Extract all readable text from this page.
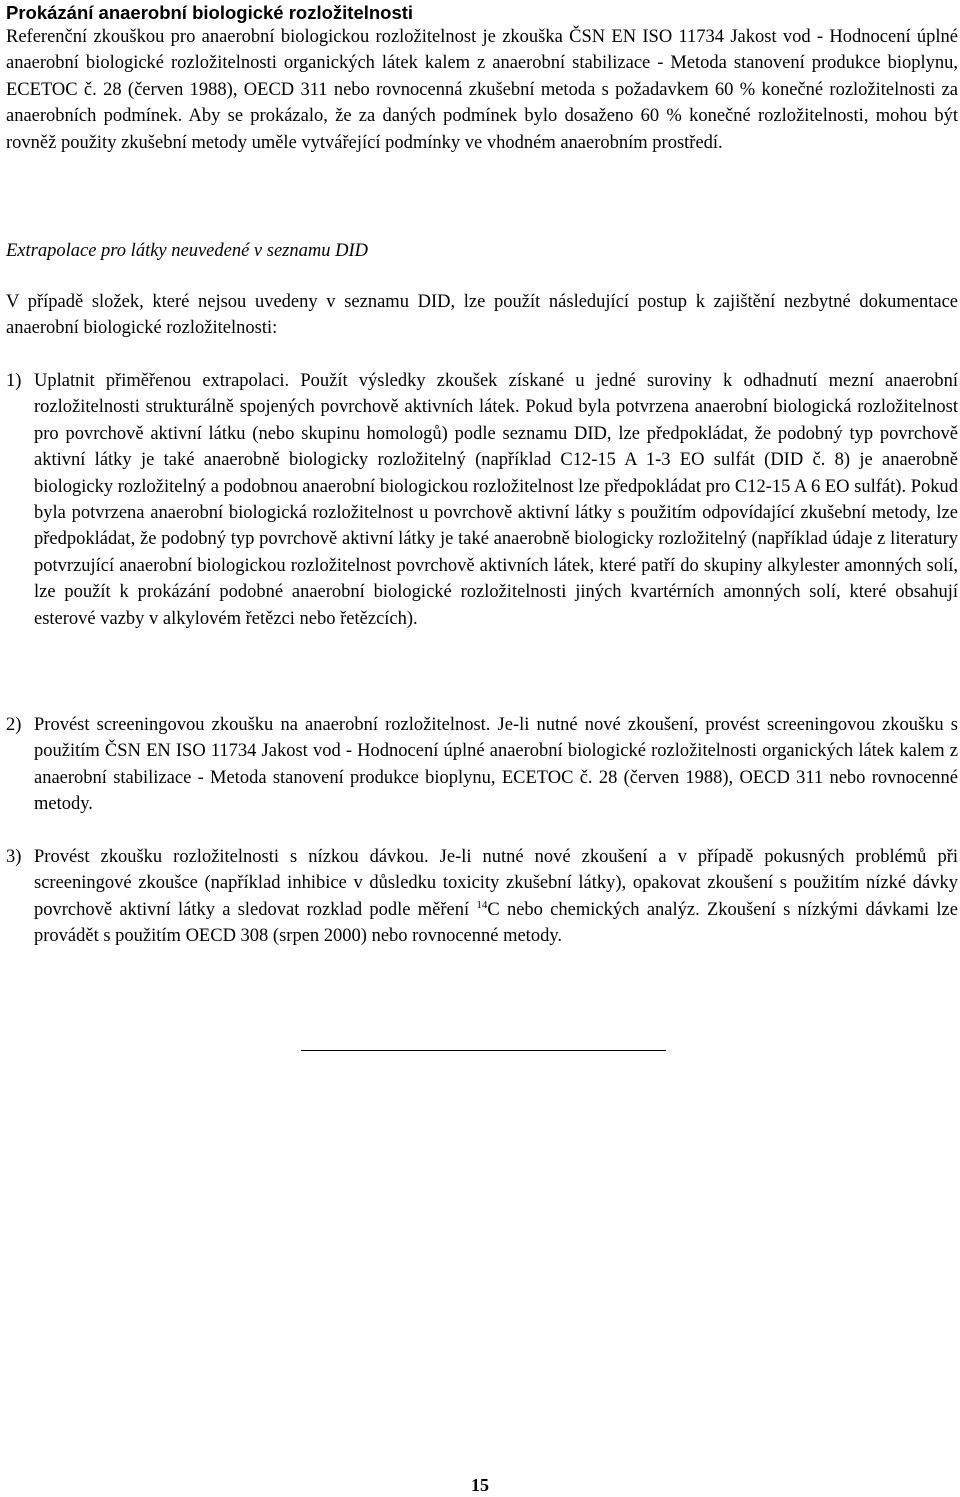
Prokázání anaerobní biologické rozložitelnosti

Referenční zkouškou pro anaerobní biologickou rozložitelnost je zkouška ČSN EN ISO 11734 Jakost vod - Hodnocení úplné anaerobní biologické rozložitelnosti organických látek kalem z anaerobní stabilizace - Metoda stanovení produkce bioplynu, ECETOC č. 28 (červen 1988), OECD 311 nebo rovnocenná zkušební metoda s požadavkem 60 % konečné rozložitelnosti za anaerobních podmínek. Aby se prokázalo, že za daných podmínek bylo dosaženo 60 % konečné rozložitelnosti, mohou být rovněž použity zkušební metody uměle vytvářející podmínky ve vhodném anaerobním prostředí.

Extrapolace pro látky neuvedené v seznamu DID

V případě složek, které nejsou uvedeny v seznamu DID, lze použít následující postup k zajištění nezbytné dokumentace anaerobní biologické rozložitelnosti:

1) Uplatnit přiměřenou extrapolaci. Použít výsledky zkoušek získané u jedné suroviny k odhadnutí mezní anaerobní rozložitelnosti strukturálně spojených povrchově aktivních látek. Pokud byla potvrzena anaerobní biologická rozložitelnost pro povrchově aktivní látku (nebo skupinu homologů) podle seznamu DID, lze předpokládat, že podobný typ povrchově aktivní látky je také anaerobně biologicky rozložitelný (například C12-15 A 1-3 EO sulfát (DID č. 8) je anaerobně biologicky rozložitelný a podobnou anaerobní biologickou rozložitelnost lze předpokládat pro C12-15 A 6 EO sulfát). Pokud byla potvrzena anaerobní biologická rozložitelnost u povrchově aktivní látky s použitím odpovídající zkušební metody, lze předpokládat, že podobný typ povrchově aktivní látky je také anaerobně biologicky rozložitelný (například údaje z literatury potvrzující anaerobní biologickou rozložitelnost povrchově aktivních látek, které patří do skupiny alkylester amonných solí, lze použít k prokázání podobné anaerobní biologické rozložitelnosti jiných kvartérních amonných solí, které obsahují esterové vazby v alkylovém řetězci nebo řetězcích).
2) Provést screeningovou zkoušku na anaerobní rozložitelnost. Je-li nutné nové zkoušení, provést screeningovou zkoušku s použitím ČSN EN ISO 11734 Jakost vod - Hodnocení úplné anaerobní biologické rozložitelnosti organických látek kalem z anaerobní stabilizace - Metoda stanovení produkce bioplynu, ECETOC č. 28 (červen 1988), OECD 311 nebo rovnocenné metody.
3) Provést zkoušku rozložitelnosti s nízkou dávkou. Je-li nutné nové zkoušení a v případě pokusných problémů při screeningové zkoušce (například inhibice v důsledku toxicity zkušební látky), opakovat zkoušení s použitím nízké dávky povrchově aktivní látky a sledovat rozklad podle měření $^{14}$C nebo chemických analýz. Zkoušení s nízkými dávkami lze provádět s použitím OECD 308 (srpen 2000) nebo rovnocenné metody.
15
